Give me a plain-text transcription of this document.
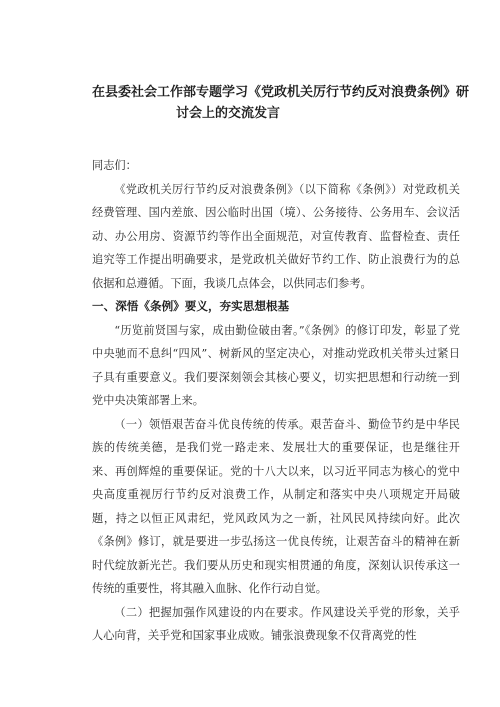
在县委社会工作部专题学习《党政机关厉行节约反对浪费条例》研
讨会上的交流发言

同志们：

《党政机关厉行节约反对浪费条例》（以下简称《条例》）对党政机关经费管理、国内差旅、因公临时出国（境）、公务接待、公务用车、会议活动、办公用房、资源节约等作出全面规范，对宣传教育、监督检查、责任追究等工作提出明确要求，是党政机关做好节约工作、防止浪费行为的总依据和总遵循。下面，我谈几点体会，以供同志们参考。

一、深悟《条例》要义，夯实思想根基

“历览前贤国与家，成由勤俭破由奢。”《条例》的修订印发，彰显了党中央驰而不息纠“四风”、树新风的坚定决心，对推动党政机关带头过紧日子具有重要意义。我们要深刻领会其核心要义，切实把思想和行动统一到党中央决策部署上来。

（一）领悟艰苦奋斗优良传统的传承。艰苦奋斗、勤俭节约是中华民族的传统美德，是我们党一路走来、发展壮大的重要保证，也是继往开来、再创辉煌的重要保证。党的十八大以来，以习近平同志为核心的党中央高度重视厉行节约反对浪费工作，从制定和落实中央八项规定开局破题，持之以恒正风肃纪，党风政风为之一新，社风民风持续向好。此次《条例》修订，就是要进一步弘扬这一优良传统，让艰苦奋斗的精神在新时代绽放新光芒。我们要从历史和现实相贯通的角度，深刻认识传承这一传统的重要性，将其融入血脉、化作行动自觉。

（二）把握加强作风建设的内在要求。作风建设关乎党的形象，关乎人心向背，关乎党和国家事业成败。铺张浪费现象不仅背离党的性
